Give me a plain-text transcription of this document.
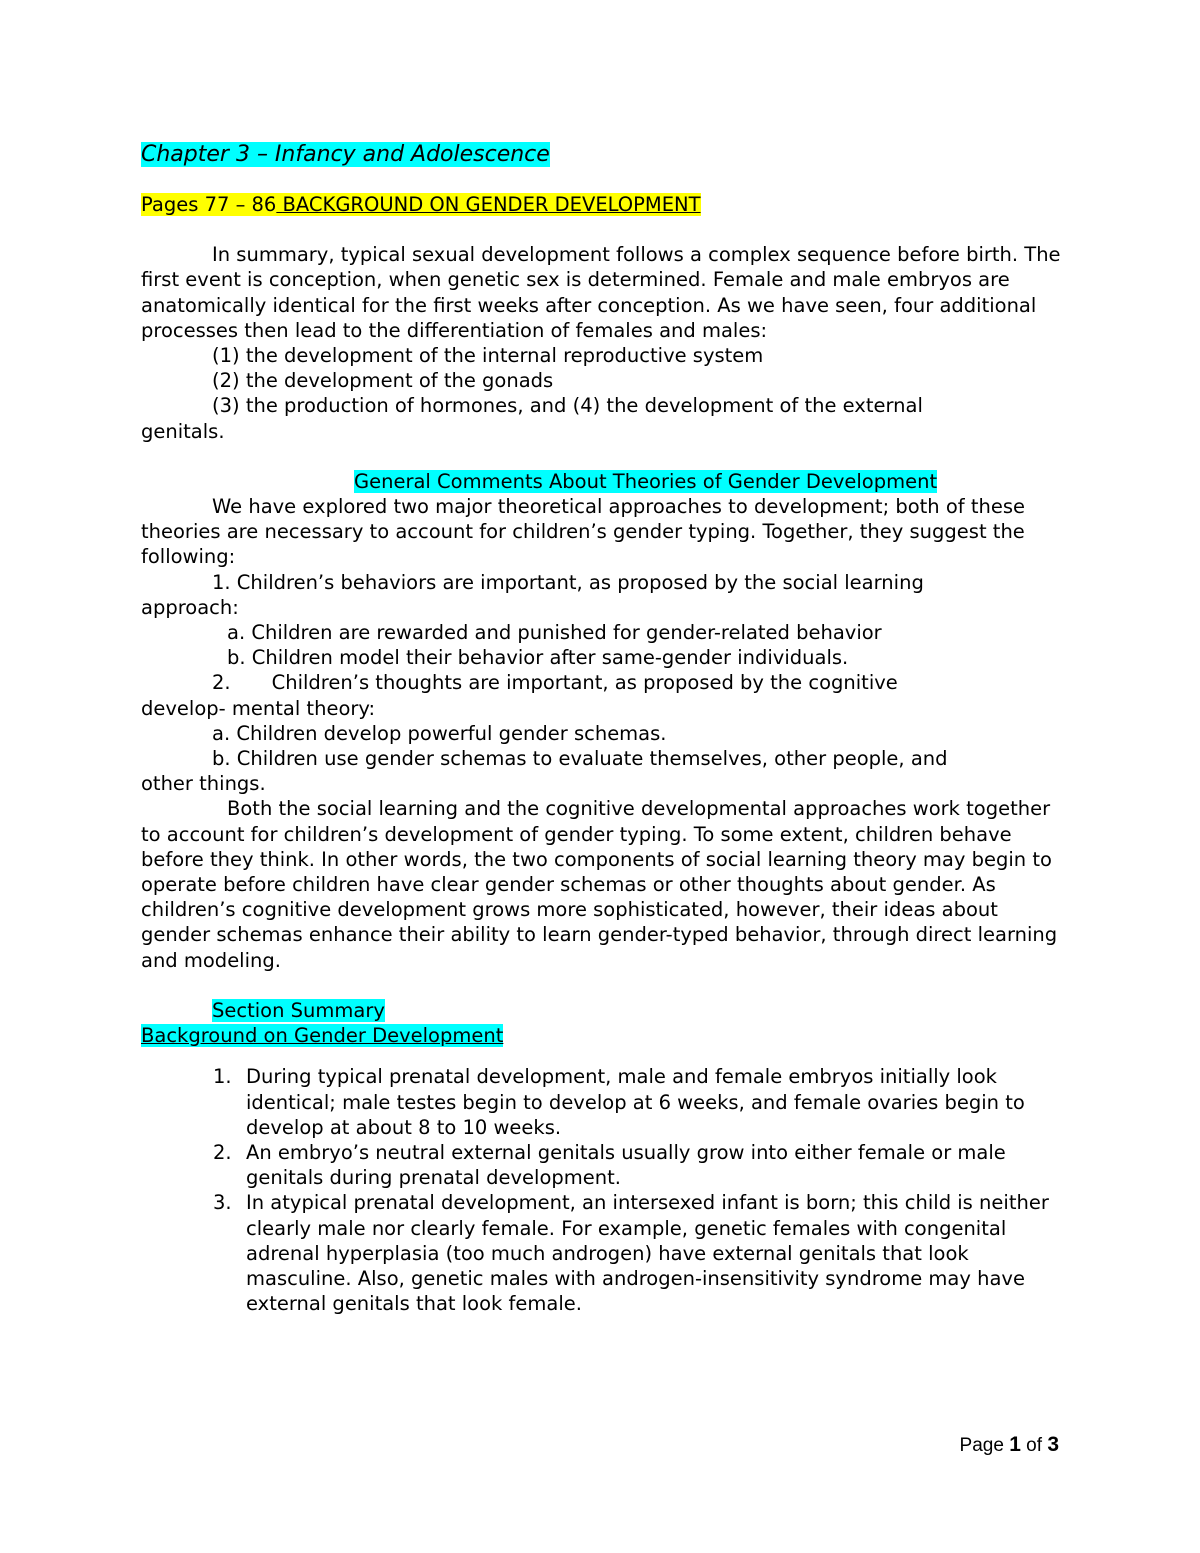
Chapter 3 – Infancy and Adolescence

Pages 77 – 86 BACKGROUND ON GENDER DEVELOPMENT

In summary, typical sexual development follows a complex sequence before birth. The first event is conception, when genetic sex is determined. Female and male embryos are anatomically identical for the first weeks after conception. As we have seen, four additional processes then lead to the differentiation of females and males:

(1) the development of the internal reproductive system

(2) the development of the gonads

(3) the production of hormones, and (4) the development of the external

genitals.

General Comments About Theories of Gender Development

We have explored two major theoretical approaches to development; both of these theories are necessary to account for children’s gender typing. Together, they suggest the following:

1. Children’s behaviors are important, as proposed by the social learning

approach:

a. Children are rewarded and punished for gender-related behavior

b. Children model their behavior after same-gender individuals.

2. Children’s thoughts are important, as proposed by the cognitive

develop- mental theory:

a. Children develop powerful gender schemas.

b. Children use gender schemas to evaluate themselves, other people, and

other things.

Both the social learning and the cognitive developmental approaches work together to account for children’s development of gender typing. To some extent, children behave before they think. In other words, the two components of social learning theory may begin to operate before children have clear gender schemas or other thoughts about gender. As children’s cognitive development grows more sophisticated, however, their ideas about gender schemas enhance their ability to learn gender-typed behavior, through direct learning and modeling.

Section Summary

Background on Gender Development

1. During typical prenatal development, male and female embryos initially look identical; male testes begin to develop at 6 weeks, and female ovaries begin to develop at about 8 to 10 weeks.
2. An embryo’s neutral external genitals usually grow into either female or male genitals during prenatal development.
3. In atypical prenatal development, an intersexed infant is born; this child is neither clearly male nor clearly female. For example, genetic females with congenital adrenal hyperplasia (too much androgen) have external genitals that look masculine. Also, genetic males with androgen-insensitivity syndrome may have external genitals that look female.
Page 1 of 3
